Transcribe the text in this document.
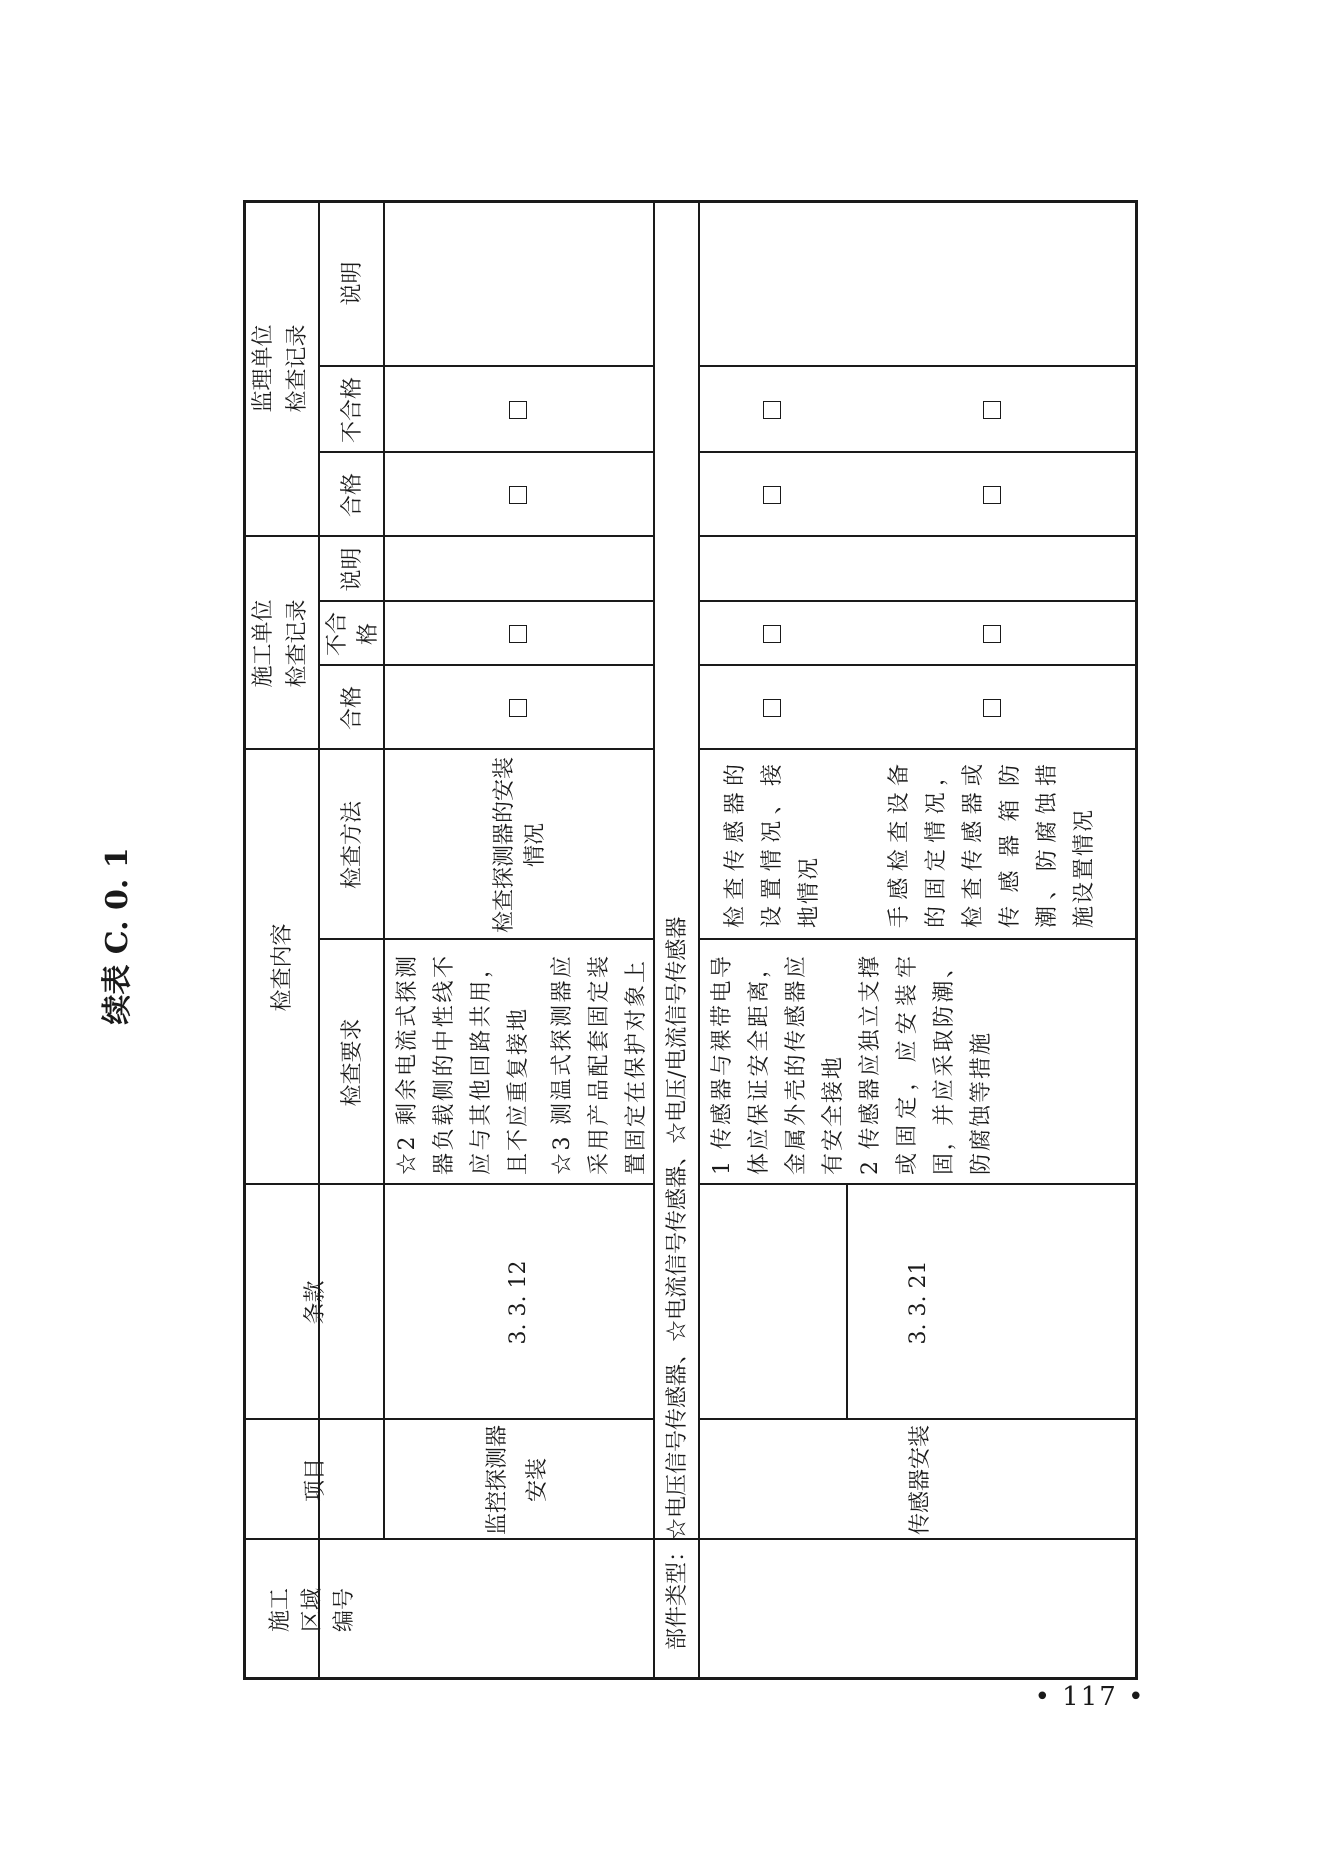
续表 C. 0. 1
施工
区域
编号
项目
条款
检查内容
检查要求
检查方法
施工单位
检查记录
监理单位
检查记录
合格
不合格
说明
合格
不合格
说明
监控探测器
安装
3. 3. 12
☆2 剩余电流式探测器负载侧的中性线不应与其他回路共用，且不应重复接地 ☆3 测温式探测器应采用产品配套固定装置固定在保护对象上
检查探测器的安装情况
部件类型：☆电压信号传感器、☆电流信号传感器、☆电压/电流信号传感器	传感器安装
3. 3. 21
1 传感器与裸带电导体应保证安全距离，金属外壳的传感器应有安全接地 2 传感器应独立支撑或固定，应安装牢固，并应采取防潮、防腐蚀等措施
检查传感器的设置情况、接地情况	手感检查设备的固定情况，检查传感器或传感器箱防潮、防腐蚀措施设置情况
• 117 •
